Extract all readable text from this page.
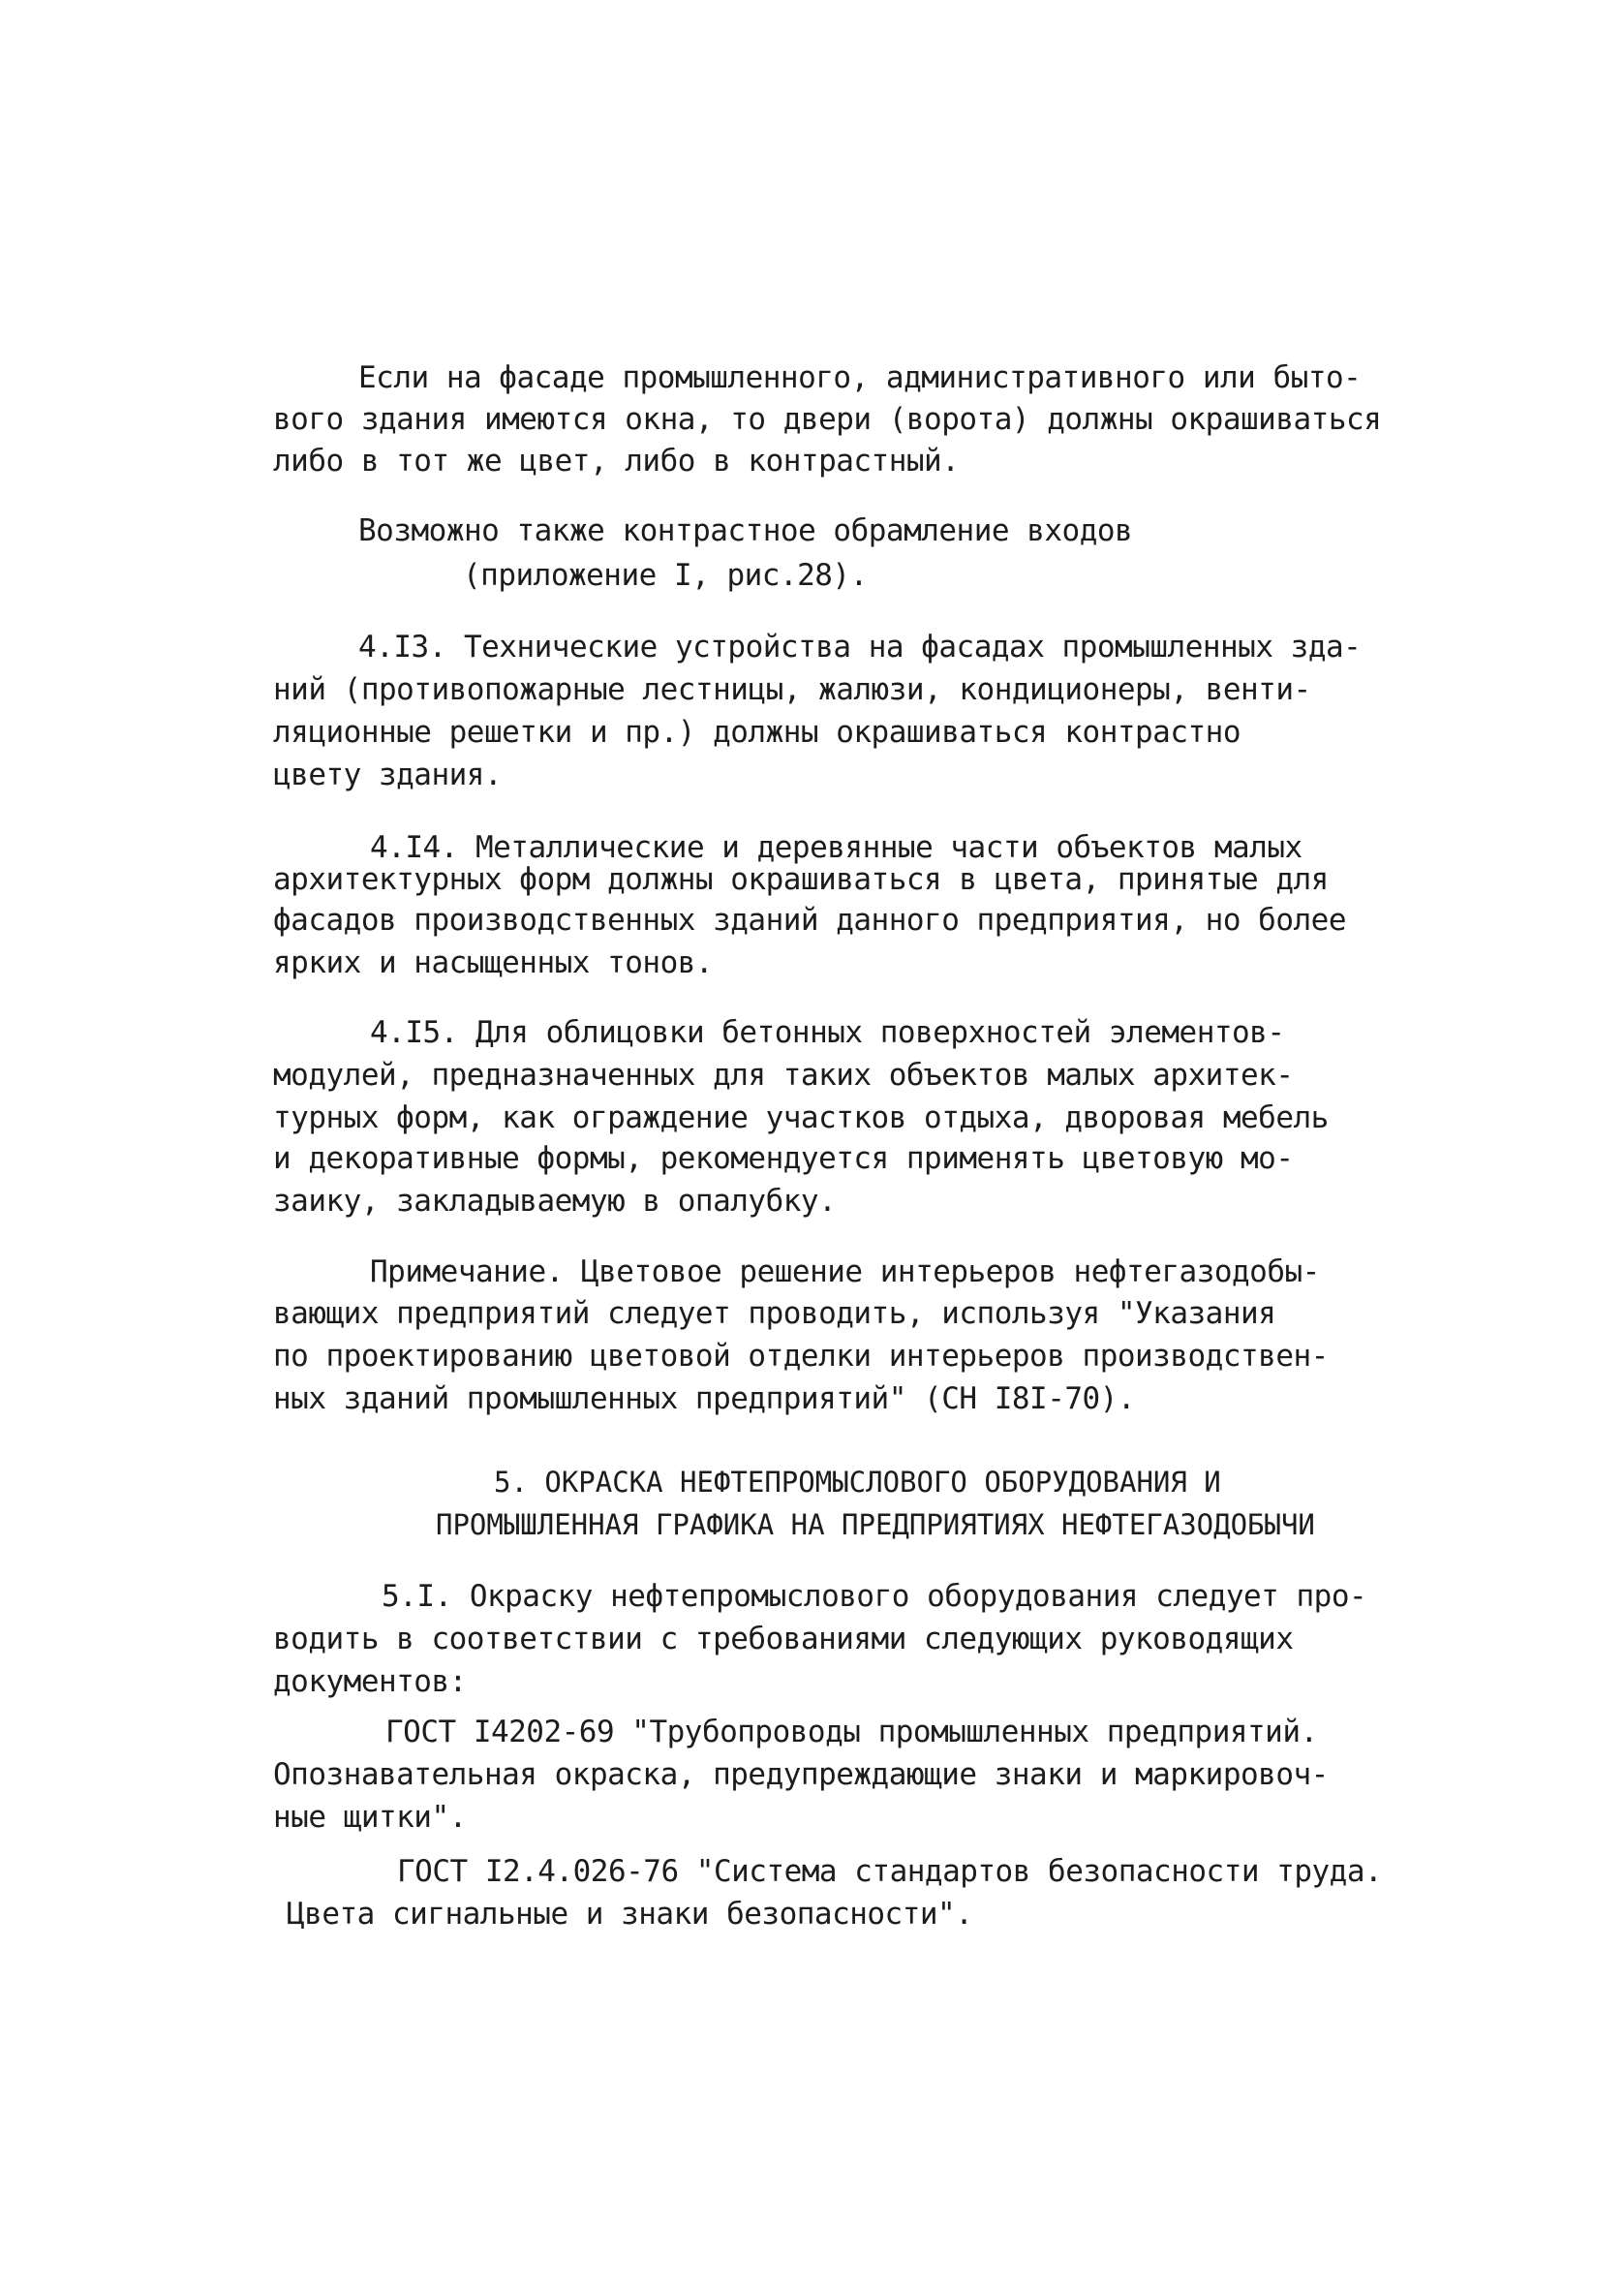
Если на фасаде промышленного, административного или быто-
вого здания имеются окна, то двери (ворота) должны окрашиваться
либо в тот же цвет, либо в контрастный.
Возможно также контрастное обрамление входов
(приложение I, рис.28).
4.I3. Технические устройства на фасадах промышленных зда-
ний (противопожарные лестницы, жалюзи, кондиционеры, венти-
ляционные решетки и пр.) должны окрашиваться контрастно
цвету здания.
4.I4. Металлические и деревянные части объектов малых
архитектурных форм должны окрашиваться в цвета, принятые для
фасадов производственных зданий данного предприятия, но более
ярких и насыщенных тонов.
4.I5. Для облицовки бетонных поверхностей элементов-
модулей, предназначенных для таких объектов малых архитек-
турных форм, как ограждение участков отдыха, дворовая мебель
и декоративные формы, рекомендуется применять цветовую мо-
заику, закладываемую в опалубку.
Примечание. Цветовое решение интерьеров нефтегазодобы-
вающих предприятий следует проводить, используя "Указания
по проектированию цветовой отделки интерьеров производствен-
ных зданий промышленных предприятий" (СН I8I-70).
5. ОКРАСКА НЕФТЕПРОМЫСЛОВОГО ОБОРУДОВАНИЯ И
ПРОМЫШЛЕННАЯ ГРАФИКА НА ПРЕДПРИЯТИЯХ НЕФТЕГАЗОДОБЫЧИ
5.I. Окраску нефтепромыслового оборудования следует про-
водить в соответствии с требованиями следующих руководящих
документов:
ГОСТ I4202-69 "Трубопроводы промышленных предприятий.
Опознавательная окраска, предупреждающие знаки и маркировоч-
ные щитки".
ГОСТ I2.4.026-76 "Система стандартов безопасности труда.
Цвета сигнальные и знаки безопасности".
